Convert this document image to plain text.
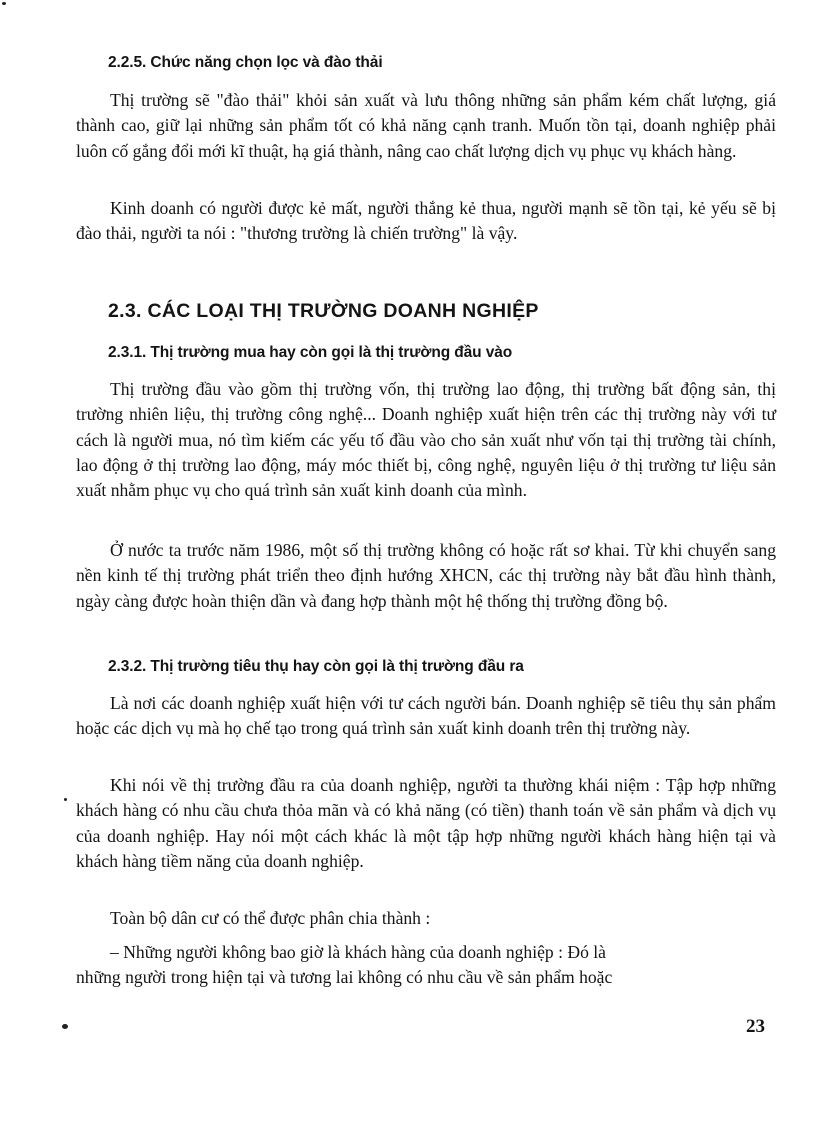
2.2.5. Chức năng chọn lọc và đào thải
Thị trường sẽ "đào thải" khỏi sản xuất và lưu thông những sản phẩm kém chất lượng, giá thành cao, giữ lại những sản phẩm tốt có khả năng cạnh tranh. Muốn tồn tại, doanh nghiệp phải luôn cố gắng đổi mới kĩ thuật, hạ giá thành, nâng cao chất lượng dịch vụ phục vụ khách hàng.
Kinh doanh có người được kẻ mất, người thắng kẻ thua, người mạnh sẽ tồn tại, kẻ yếu sẽ bị đào thải, người ta nói : "thương trường là chiến trường" là vậy.
2.3. CÁC LOẠI THỊ TRƯỜNG DOANH NGHIỆP
2.3.1. Thị trường mua hay còn gọi là thị trường đầu vào
Thị trường đầu vào gồm thị trường vốn, thị trường lao động, thị trường bất động sản, thị trường nhiên liệu, thị trường công nghệ... Doanh nghiệp xuất hiện trên các thị trường này với tư cách là người mua, nó tìm kiếm các yếu tố đầu vào cho sản xuất như vốn tại thị trường tài chính, lao động ở thị trường lao động, máy móc thiết bị, công nghệ, nguyên liệu ở thị trường tư liệu sản xuất nhằm phục vụ cho quá trình sản xuất kinh doanh của mình.
Ở nước ta trước năm 1986, một số thị trường không có hoặc rất sơ khai. Từ khi chuyển sang nền kinh tế thị trường phát triển theo định hướng XHCN, các thị trường này bắt đầu hình thành, ngày càng được hoàn thiện dần và đang hợp thành một hệ thống thị trường đồng bộ.
2.3.2. Thị trường tiêu thụ hay còn gọi là thị trường đầu ra
Là nơi các doanh nghiệp xuất hiện với tư cách người bán. Doanh nghiệp sẽ tiêu thụ sản phẩm hoặc các dịch vụ mà họ chế tạo trong quá trình sản xuất kinh doanh trên thị trường này.
Khi nói về thị trường đầu ra của doanh nghiệp, người ta thường khái niệm : Tập hợp những khách hàng có nhu cầu chưa thỏa mãn và có khả năng (có tiền) thanh toán về sản phẩm và dịch vụ của doanh nghiệp. Hay nói một cách khác là một tập hợp những người khách hàng hiện tại và khách hàng tiềm năng của doanh nghiệp.
Toàn bộ dân cư có thể được phân chia thành :
– Những người không bao giờ là khách hàng của doanh nghiệp : Đó là
những người trong hiện tại và tương lai không có nhu cầu về sản phẩm hoặc
23
